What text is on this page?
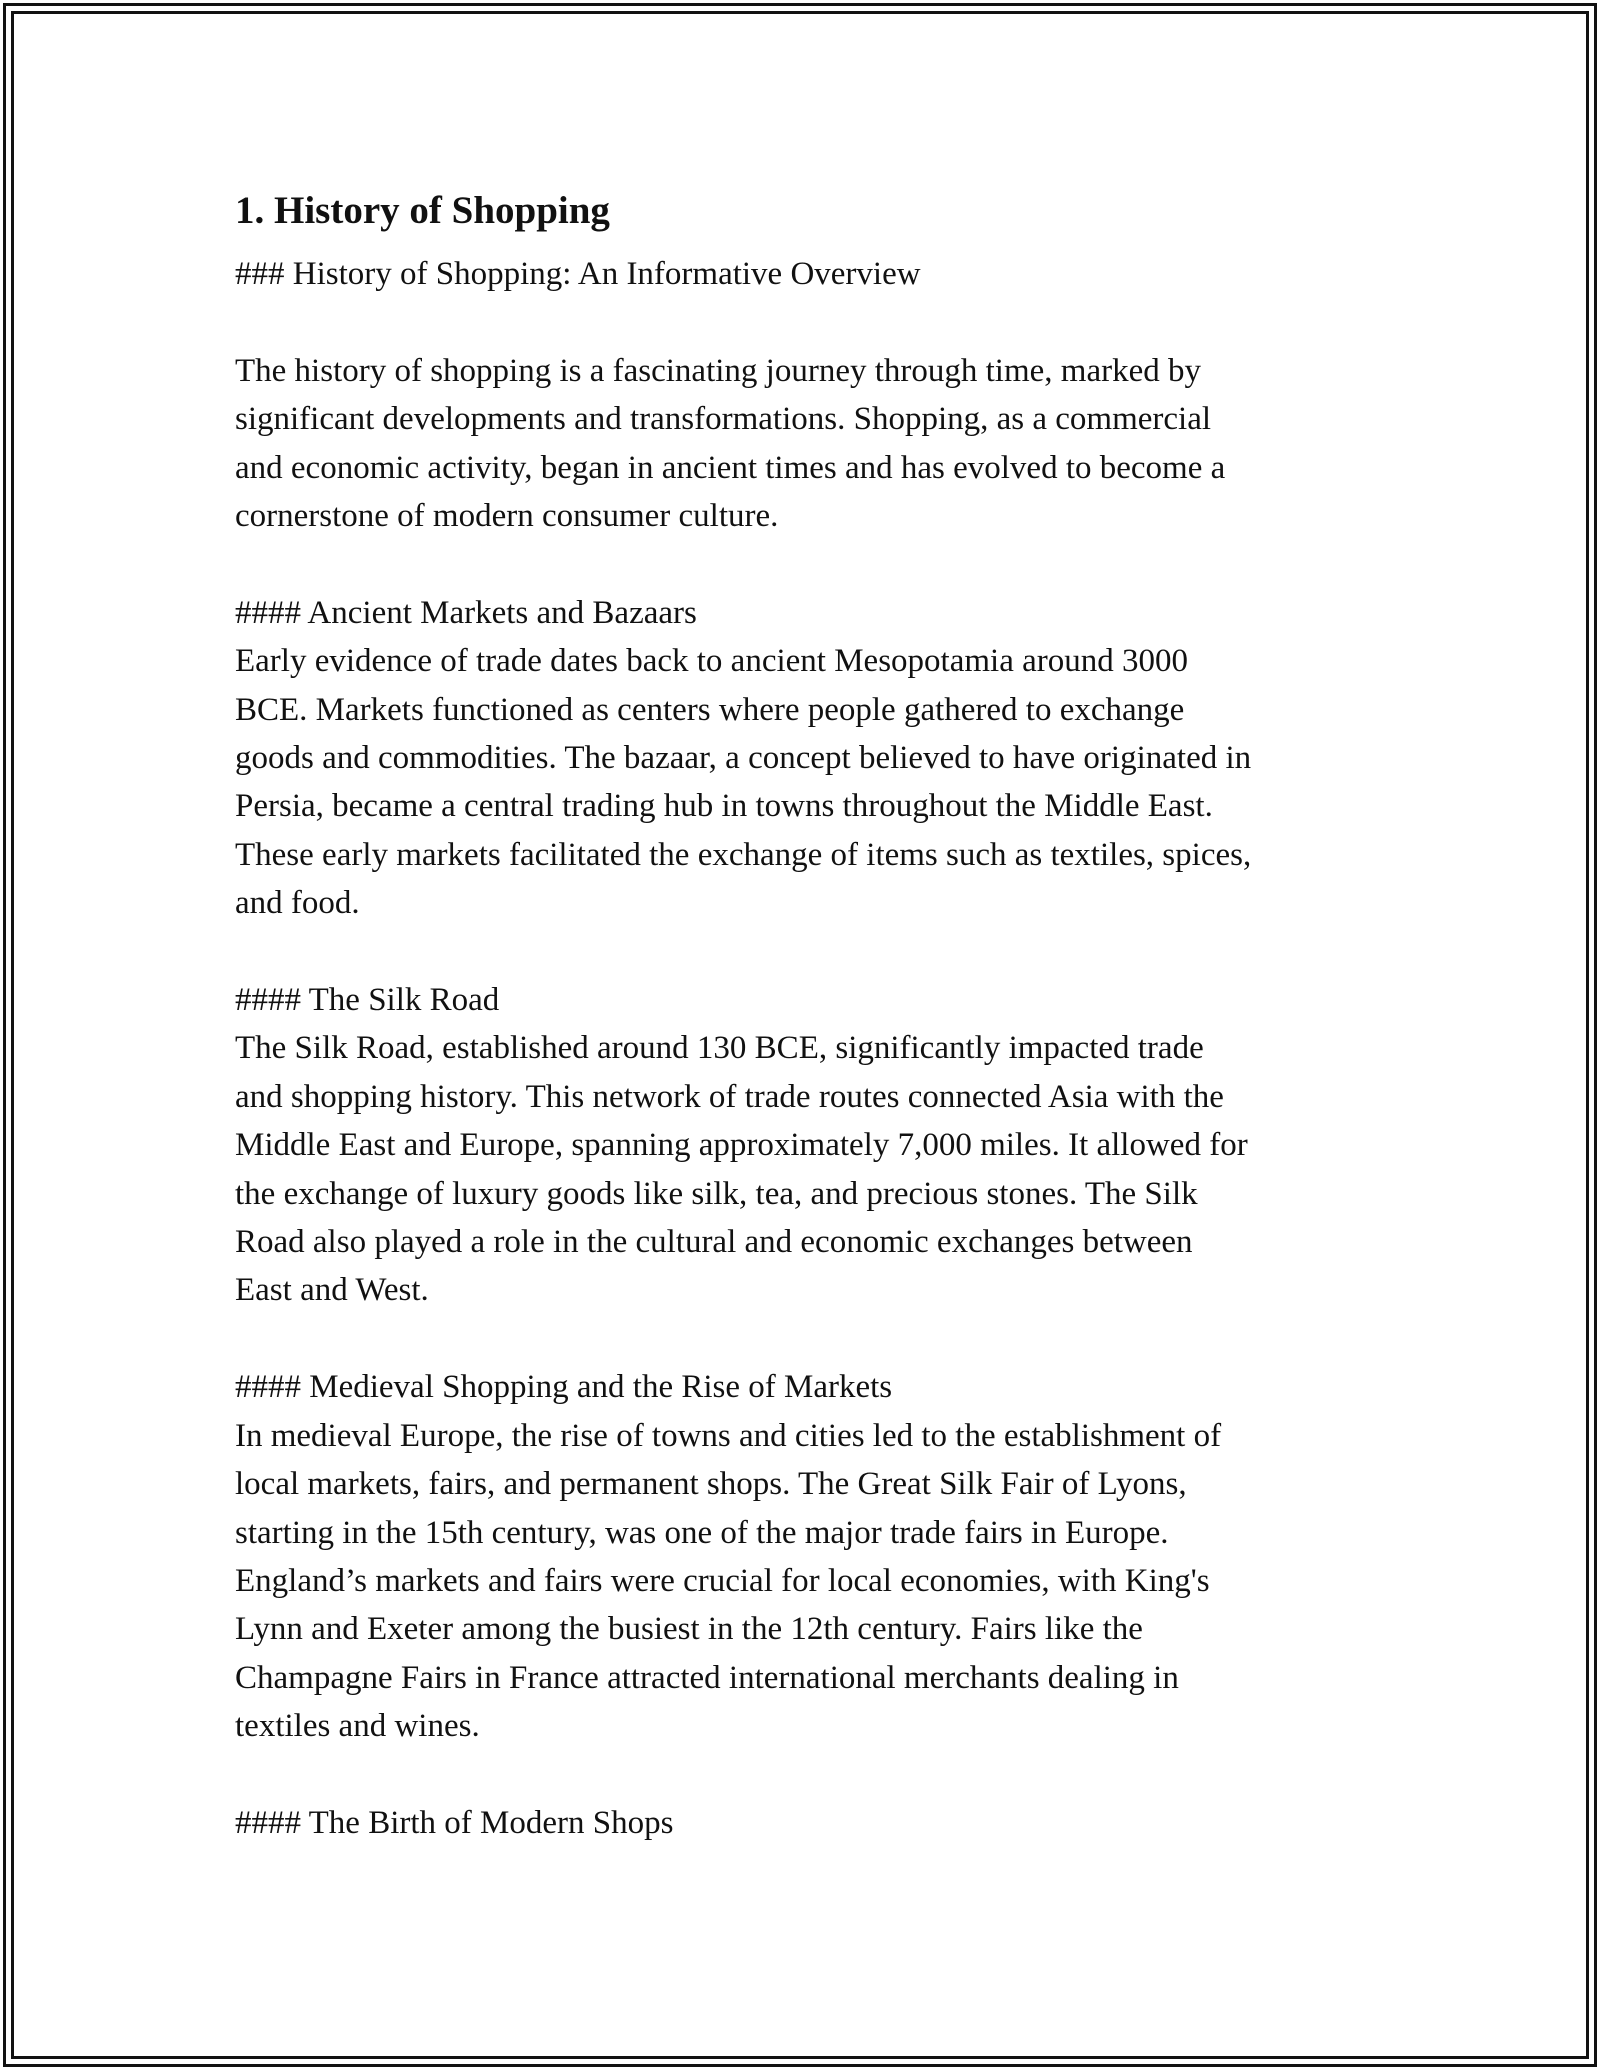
1. History of Shopping

### History of Shopping: An Informative Overview

The history of shopping is a fascinating journey through time, marked by
significant developments and transformations. Shopping, as a commercial
and economic activity, began in ancient times and has evolved to become a
cornerstone of modern consumer culture.

#### Ancient Markets and Bazaars

Early evidence of trade dates back to ancient Mesopotamia around 3000
BCE. Markets functioned as centers where people gathered to exchange
goods and commodities. The bazaar, a concept believed to have originated in
Persia, became a central trading hub in towns throughout the Middle East.
These early markets facilitated the exchange of items such as textiles, spices,
and food.

#### The Silk Road

The Silk Road, established around 130 BCE, significantly impacted trade
and shopping history. This network of trade routes connected Asia with the
Middle East and Europe, spanning approximately 7,000 miles. It allowed for
the exchange of luxury goods like silk, tea, and precious stones. The Silk
Road also played a role in the cultural and economic exchanges between
East and West.

#### Medieval Shopping and the Rise of Markets

In medieval Europe, the rise of towns and cities led to the establishment of
local markets, fairs, and permanent shops. The Great Silk Fair of Lyons,
starting in the 15th century, was one of the major trade fairs in Europe.
England’s markets and fairs were crucial for local economies, with King's
Lynn and Exeter among the busiest in the 12th century. Fairs like the
Champagne Fairs in France attracted international merchants dealing in
textiles and wines.

#### The Birth of Modern Shops
